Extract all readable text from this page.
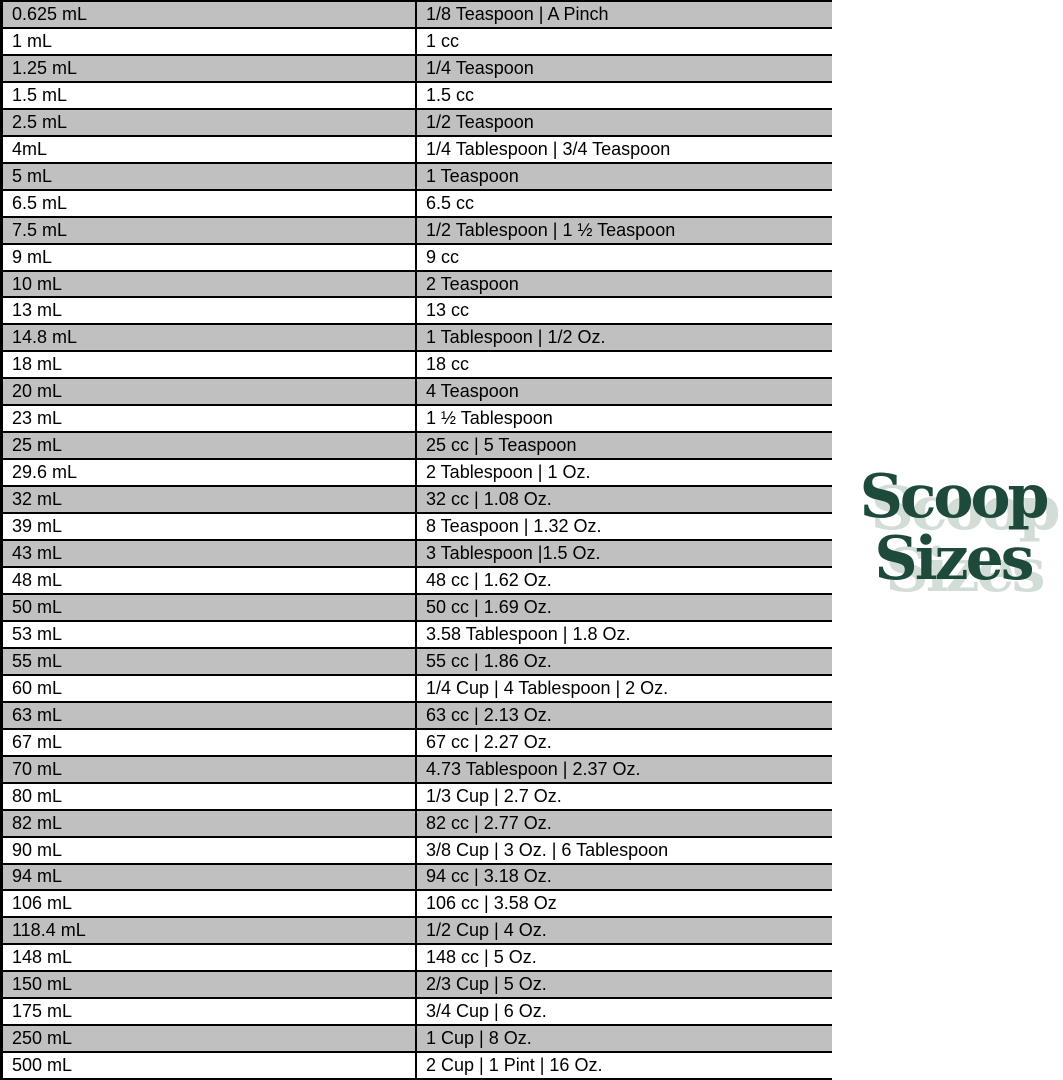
0.625 mL	1/8 Teaspoon | A Pinch
1 mL	1 cc
1.25 mL	1/4 Teaspoon
1.5 mL	1.5 cc
2.5 mL	1/2 Teaspoon
4mL	1/4 Tablespoon | 3/4 Teaspoon
5 mL	1 Teaspoon
6.5 mL	6.5 cc
7.5 mL	1/2 Tablespoon | 1 ½ Teaspoon
9 mL	9 cc
10 mL	2 Teaspoon
13 mL	13 cc
14.8 mL	1 Tablespoon | 1/2 Oz.
18 mL	18 cc
20 mL	4 Teaspoon
23 mL	1 ½ Tablespoon
25 mL	25 cc | 5 Teaspoon
29.6 mL	2 Tablespoon | 1 Oz.
32 mL	32 cc | 1.08 Oz.
39 mL	8 Teaspoon | 1.32 Oz.
43 mL	3 Tablespoon |1.5 Oz.
48 mL	48 cc | 1.62 Oz.
50 mL	50 cc | 1.69 Oz.
53 mL	3.58 Tablespoon | 1.8 Oz.
55 mL	55 cc | 1.86 Oz.
60 mL	1/4 Cup | 4 Tablespoon | 2 Oz.
63 mL	63 cc | 2.13 Oz.
67 mL	67 cc | 2.27 Oz.
70 mL	4.73 Tablespoon | 2.37 Oz.
80 mL	1/3 Cup | 2.7 Oz.
82 mL	82 cc | 2.77 Oz.
90 mL	3/8 Cup | 3 Oz. | 6 Tablespoon
94 mL	94 cc | 3.18 Oz.
106 mL	106 cc | 3.58 Oz
118.4 mL	1/2 Cup | 4 Oz.
148 mL	148 cc | 5 Oz.
150 mL	2/3 Cup | 5 Oz.
175 mL	3/4 Cup | 6 Oz.
250 mL	1 Cup | 8 Oz.
500 mL	2 Cup | 1 Pint | 16 Oz.
Scoop
Sizes
